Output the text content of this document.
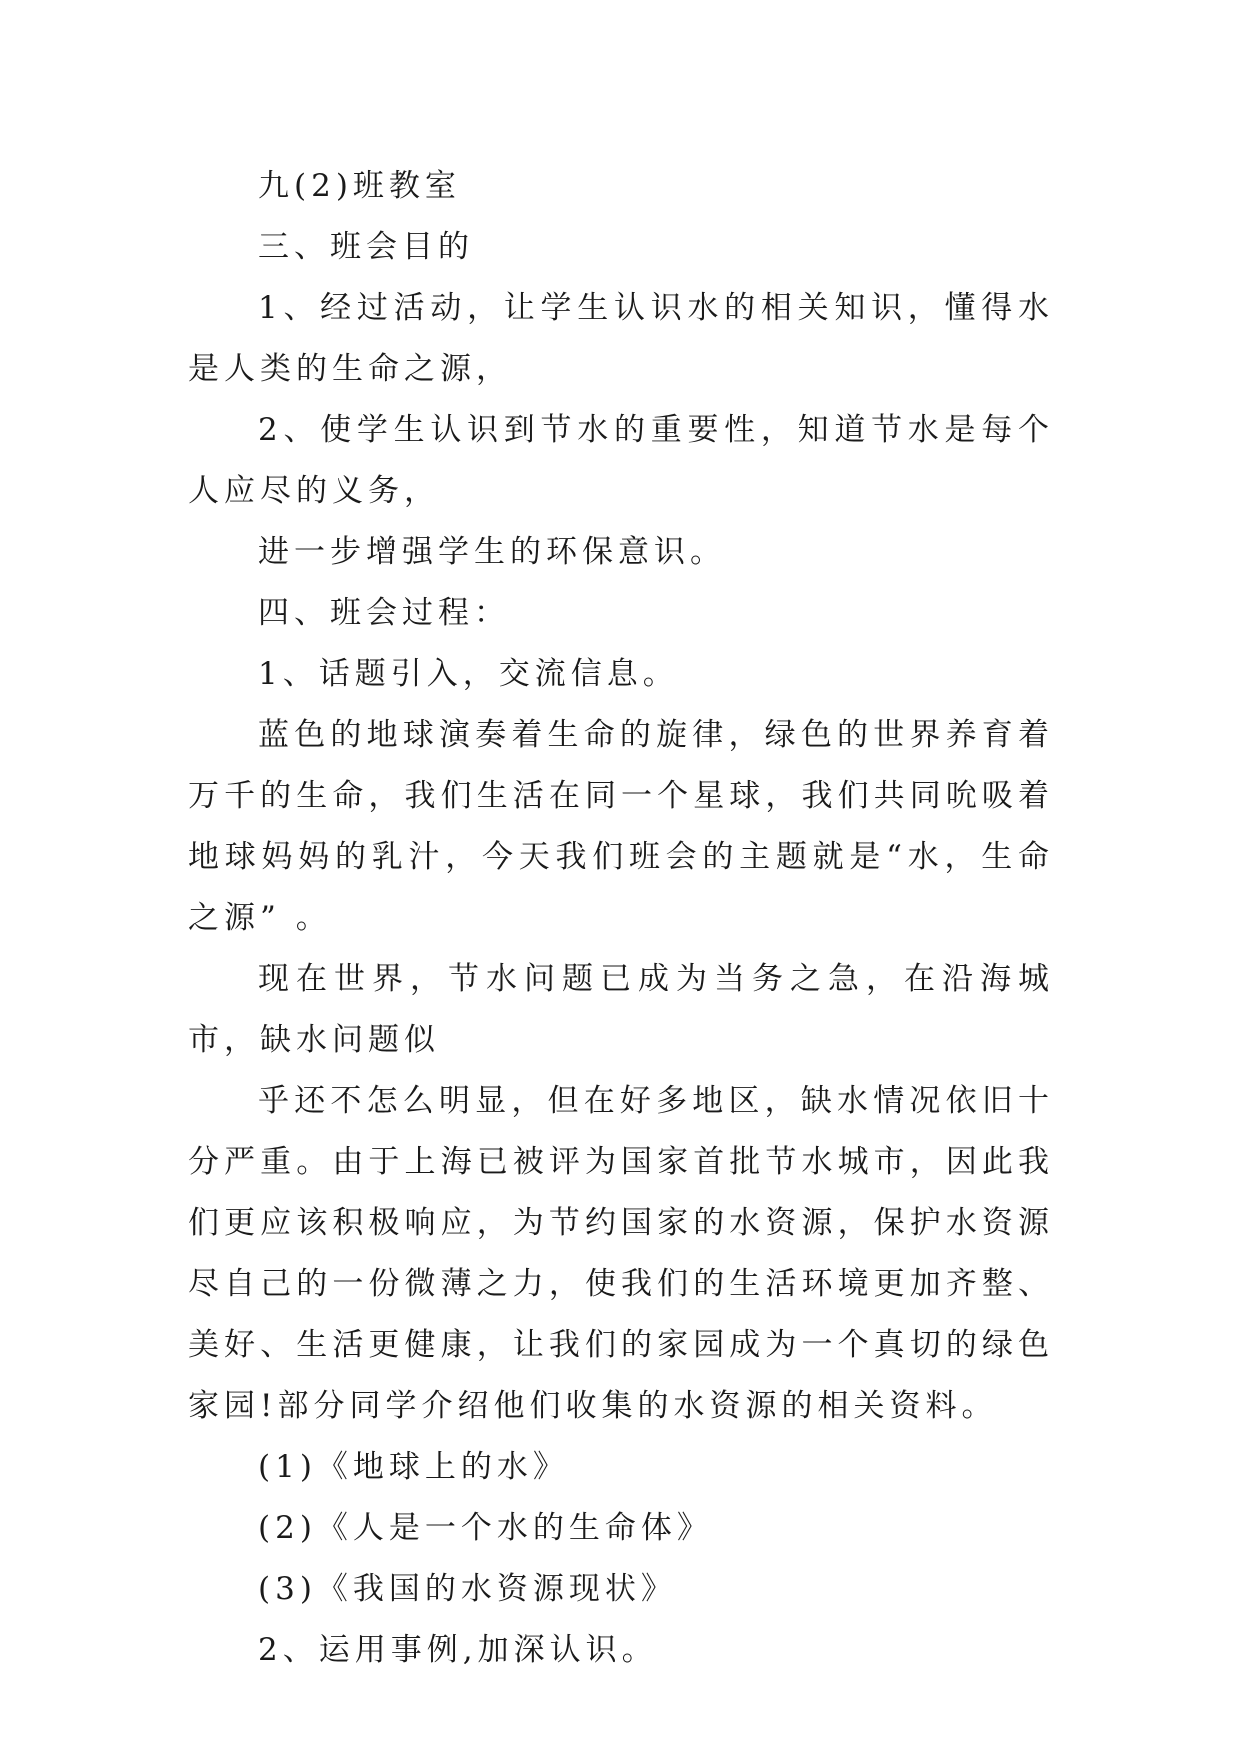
九(2)班教室

三、班会目的

1、经过活动，让学生认识水的相关知识，懂得水是人类的生命之源，

2、使学生认识到节水的重要性，知道节水是每个人应尽的义务，

进一步增强学生的环保意识。

四、班会过程：

1、话题引入，交流信息。

蓝色的地球演奏着生命的旋律，绿色的世界养育着万千的生命，我们生活在同一个星球，我们共同吮吸着地球妈妈的乳汁，今天我们班会的主题就是“水，生命之源” 。

现在世界，节水问题已成为当务之急，在沿海城市，缺水问题似

乎还不怎么明显，但在好多地区，缺水情况依旧十分严重。由于上海已被评为国家首批节水城市，因此我们更应该积极响应，为节约国家的水资源，保护水资源尽自己的一份微薄之力，使我们的生活环境更加齐整、美好、生活更健康，让我们的家园成为一个真切的绿色家园!部分同学介绍他们收集的水资源的相关资料。

(1)《地球上的水》

(2)《人是一个水的生命体》

(3)《我国的水资源现状》

2、运用事例,加深认识。
